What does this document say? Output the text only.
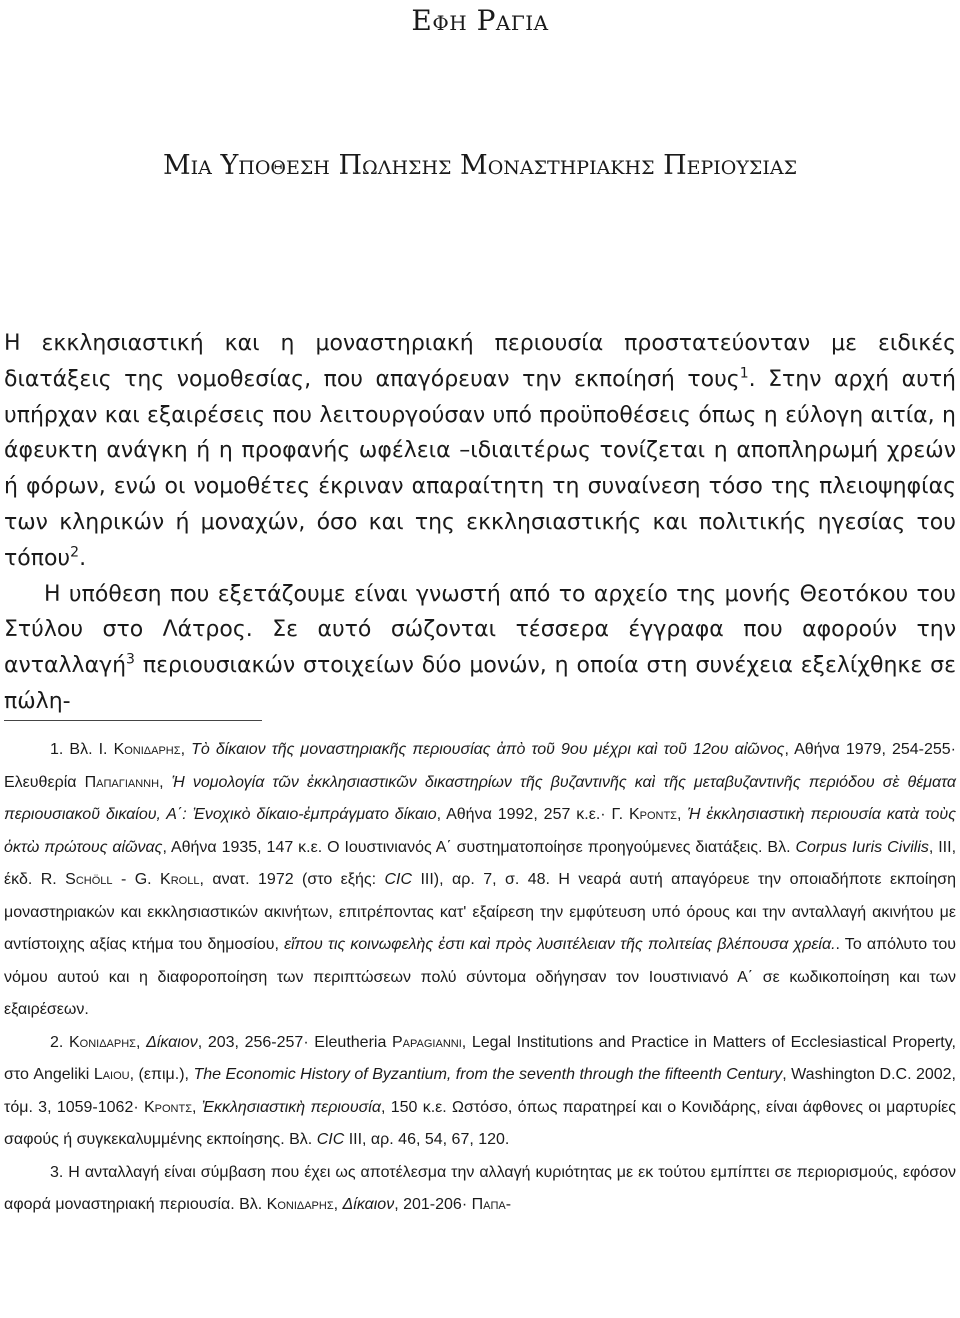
Εφη Ραγια
Μια Υποθεση Πωλησης Μοναστηριακης Περιουσιας

Η εκκλησιαστική και η μοναστηριακή περιουσία προστατεύονταν με ειδικές διατάξεις της νομοθεσίας, που απαγόρευαν την εκποίησή τους$^1$. Στην αρχή αυτή υπήρχαν και εξαιρέσεις που λειτουργούσαν υπό προϋποθέσεις όπως η εύλογη αιτία, η άφευκτη ανάγκη ή η προφανής ωφέλεια –ιδιαιτέρως τονίζεται η αποπληρωμή χρεών ή φόρων, ενώ οι νομοθέτες έκριναν απαραίτητη τη συναίνεση τόσο της πλειοψηφίας των κληρικών ή μοναχών, όσο και της εκκλησιαστικής και πολιτικής ηγεσίας του τόπου$^2$.

Η υπόθεση που εξετάζουμε είναι γνωστή από το αρχείο της μονής Θεοτόκου του Στύλου στο Λάτρος. Σε αυτό σώζονται τέσσερα έγγραφα που αφορούν την ανταλλαγή$^3$ περιουσιακών στοιχείων δύο μονών, η οποία στη συνέχεια εξελίχθηκε σε πώλη-

1. Βλ. Ι. Κονιδαρης, Τὸ δίκαιον τῆς μοναστηριακῆς περιουσίας ἀπὸ τοῦ 9ου μέχρι καὶ τοῦ 12ου αἰῶνος, Αθήνα 1979, 254-255· Ελευθερία Παπαγιαννη, Ἡ νομολογία τῶν ἐκκλησιαστικῶν δικαστηρίων τῆς βυζαντινῆς καὶ τῆς μεταβυζαντινῆς περιόδου σὲ θέματα περιουσιακοῦ δικαίου, Α΄: Ἐνοχικὸ δίκαιο-ἐμπράγματο δίκαιο, Αθήνα 1992, 257 κ.ε.· Γ. Κροντς, Ἡ ἐκκλησιαστικὴ περιουσία κατὰ τοὺς ὀκτὼ πρώτους αἰῶνας, Αθήνα 1935, 147 κ.ε. Ο Ιουστινιανός Α΄ συστηματοποίησε προηγούμενες διατάξεις. Βλ. Corpus Iuris Civilis, III, έκδ. R. Schöll - G. Kroll, ανατ. 1972 (στο εξής: CIC III), αρ. 7, σ. 48. Η νεαρά αυτή απαγόρευε την οποιαδήποτε εκποίηση μοναστηριακών και εκκλησιαστικών ακινήτων, επιτρέποντας κατ' εξαίρεση την εμφύτευση υπό όρους και την ανταλλαγή ακινήτου με αντίστοιχης αξίας κτήμα του δημοσίου, εἴπου τις κοινωφελὴς ἐστι καὶ πρὸς λυσιτέλειαν τῆς πολιτείας βλέπουσα χρεία.. Το απόλυτο του νόμου αυτού και η διαφοροποίηση των περιπτώσεων πολύ σύντομα οδήγησαν τον Ιουστινιανό Α΄ σε κωδικοποίηση και των εξαιρέσεων.

2. Κονιδαρης, Δίκαιον, 203, 256-257· Eleutheria Papagianni, Legal Institutions and Practice in Matters of Ecclesiastical Property, στο Angeliki Laiou, (επιμ.), The Economic History of Byzantium, from the seventh through the fifteenth Century, Washington D.C. 2002, τόμ. 3, 1059-1062· Κροντς, Ἐκκλησιαστικὴ περιουσία, 150 κ.ε. Ωστόσο, όπως παρατηρεί και ο Κονιδάρης, είναι άφθονες οι μαρτυρίες σαφούς ή συγκεκαλυμμένης εκποίησης. Βλ. CIC III, αρ. 46, 54, 67, 120.

3. Η ανταλλαγή είναι σύμβαση που έχει ως αποτέλεσμα την αλλαγή κυριότητας με εκ τούτου εμπίπτει σε περιορισμούς, εφόσον αφορά μοναστηριακή περιουσία. Βλ. Κονιδαρης, Δίκαιον, 201-206· Παπα-
